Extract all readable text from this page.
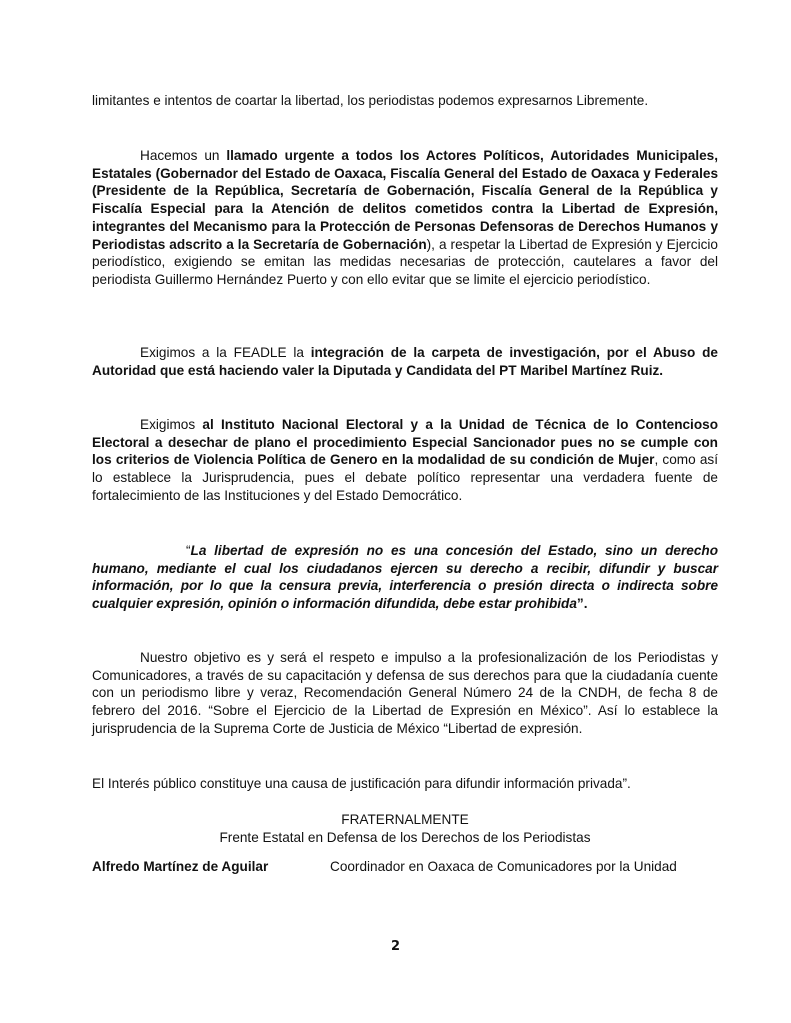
limitantes e intentos de coartar la libertad, los periodistas podemos expresarnos Libremente.

Hacemos un llamado urgente a todos los Actores Políticos, Autoridades Municipales, Estatales (Gobernador del Estado de Oaxaca, Fiscalía General del Estado de Oaxaca y Federales (Presidente de la República, Secretaría de Gobernación, Fiscalía General de la República y Fiscalía Especial para la Atención de delitos cometidos contra la Libertad de Expresión, integrantes del Mecanismo para la Protección de Personas Defensoras de Derechos Humanos y Periodistas adscrito a la Secretaría de Gobernación), a respetar la Libertad de Expresión y Ejercicio periodístico, exigiendo se emitan las medidas necesarias de protección, cautelares a favor del periodista Guillermo Hernández Puerto y con ello evitar que se limite el ejercicio periodístico.

Exigimos a la FEADLE la integración de la carpeta de investigación, por el Abuso de Autoridad que está haciendo valer la Diputada y Candidata del PT Maribel Martínez Ruiz.

Exigimos al Instituto Nacional Electoral y a la Unidad de Técnica de lo Contencioso Electoral a desechar de plano el procedimiento Especial Sancionador pues no se cumple con los criterios de Violencia Política de Genero en la modalidad de su condición de Mujer, como así lo establece la Jurisprudencia, pues el debate político representar una verdadera fuente de fortalecimiento de las Instituciones y del Estado Democrático.

“La libertad de expresión no es una concesión del Estado, sino un derecho humano, mediante el cual los ciudadanos ejercen su derecho a recibir, difundir y buscar información, por lo que la censura previa, interferencia o presión directa o indirecta sobre cualquier expresión, opinión o información difundida, debe estar prohibida”.

Nuestro objetivo es y será el respeto e impulso a la profesionalización de los Periodistas y Comunicadores, a través de su capacitación y defensa de sus derechos para que la ciudadanía cuente con un periodismo libre y veraz, Recomendación General Número 24 de la CNDH, de fecha 8 de febrero del 2016. “Sobre el Ejercicio de la Libertad de Expresión en México”. Así lo establece la jurisprudencia de la Suprema Corte de Justicia de México “Libertad de expresión.

El Interés público constituye una causa de justificación para difundir información privada”.

FRATERNALMENTE
Frente Estatal en Defensa de los Derechos de los Periodistas
Alfredo Martínez de Aguilar	Coordinador en Oaxaca de Comunicadores por la Unidad
2
